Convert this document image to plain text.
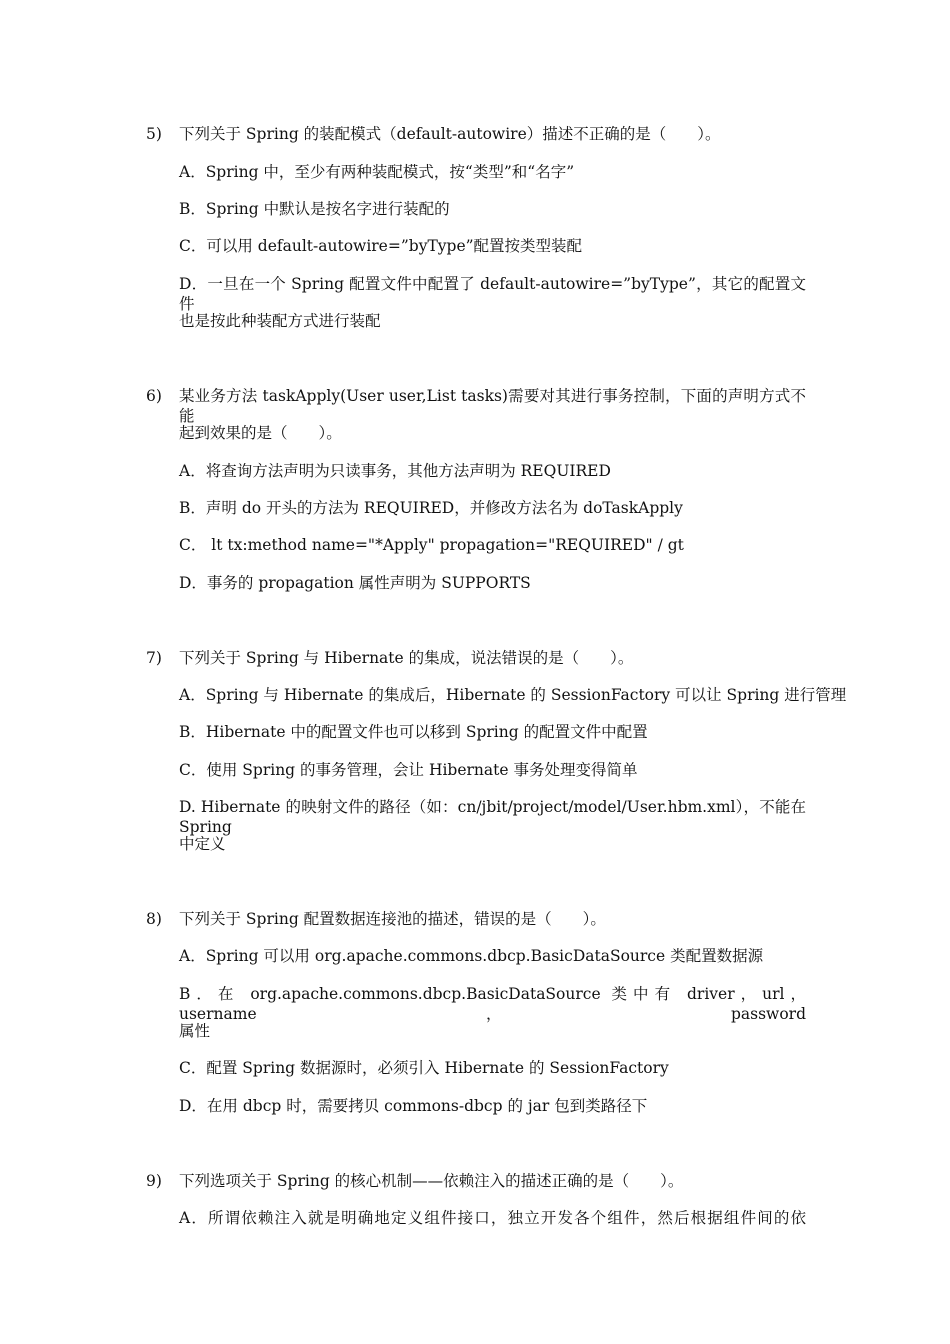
5) 下列关于 Spring 的装配模式（default-autowire）描述不正确的是（　　）。
A．Spring 中，至少有两种装配模式，按“类型”和“名字”
B．Spring 中默认是按名字进行装配的
C．可以用 default-autowire=”byType”配置按类型装配
D．一旦在一个 Spring 配置文件中配置了 default-autowire=”byType”，其它的配置文件
也是按此种装配方式进行装配
6) 某业务方法 taskApply(User user,List tasks)需要对其进行事务控制，下面的声明方式不能
起到效果的是（　　）。
A．将查询方法声明为只读事务，其他方法声明为 REQUIRED
B．声明 do 开头的方法为 REQUIRED，并修改方法名为 doTaskApply
C． lt tx:method name="*Apply" propagation="REQUIRED" / gt
D．事务的 propagation 属性声明为 SUPPORTS
7) 下列关于 Spring 与 Hibernate 的集成，说法错误的是（　　）。
A．Spring 与 Hibernate 的集成后，Hibernate 的 SessionFactory 可以让 Spring 进行管理
B．Hibernate 中的配置文件也可以移到 Spring 的配置文件中配置
C．使用 Spring 的事务管理，会让 Hibernate 事务处理变得简单
D. Hibernate 的映射文件的路径（如：cn/jbit/project/model/User.hbm.xml），不能在 Spring
中定义
8) 下列关于 Spring 配置数据连接池的描述，错误的是（　　）。
A．Spring 可以用 org.apache.commons.dbcp.BasicDataSource 类配置数据源
B．在 org.apache.commons.dbcp.BasicDataSource 类中有 driver，url，username，password
属性
C．配置 Spring 数据源时，必须引入 Hibernate 的 SessionFactory
D．在用 dbcp 时，需要拷贝 commons-dbcp 的 jar 包到类路径下
9) 下列选项关于 Spring 的核心机制——依赖注入的描述正确的是（　　）。
A．所谓依赖注入就是明确地定义组件接口，独立开发各个组件，然后根据组件间的依
